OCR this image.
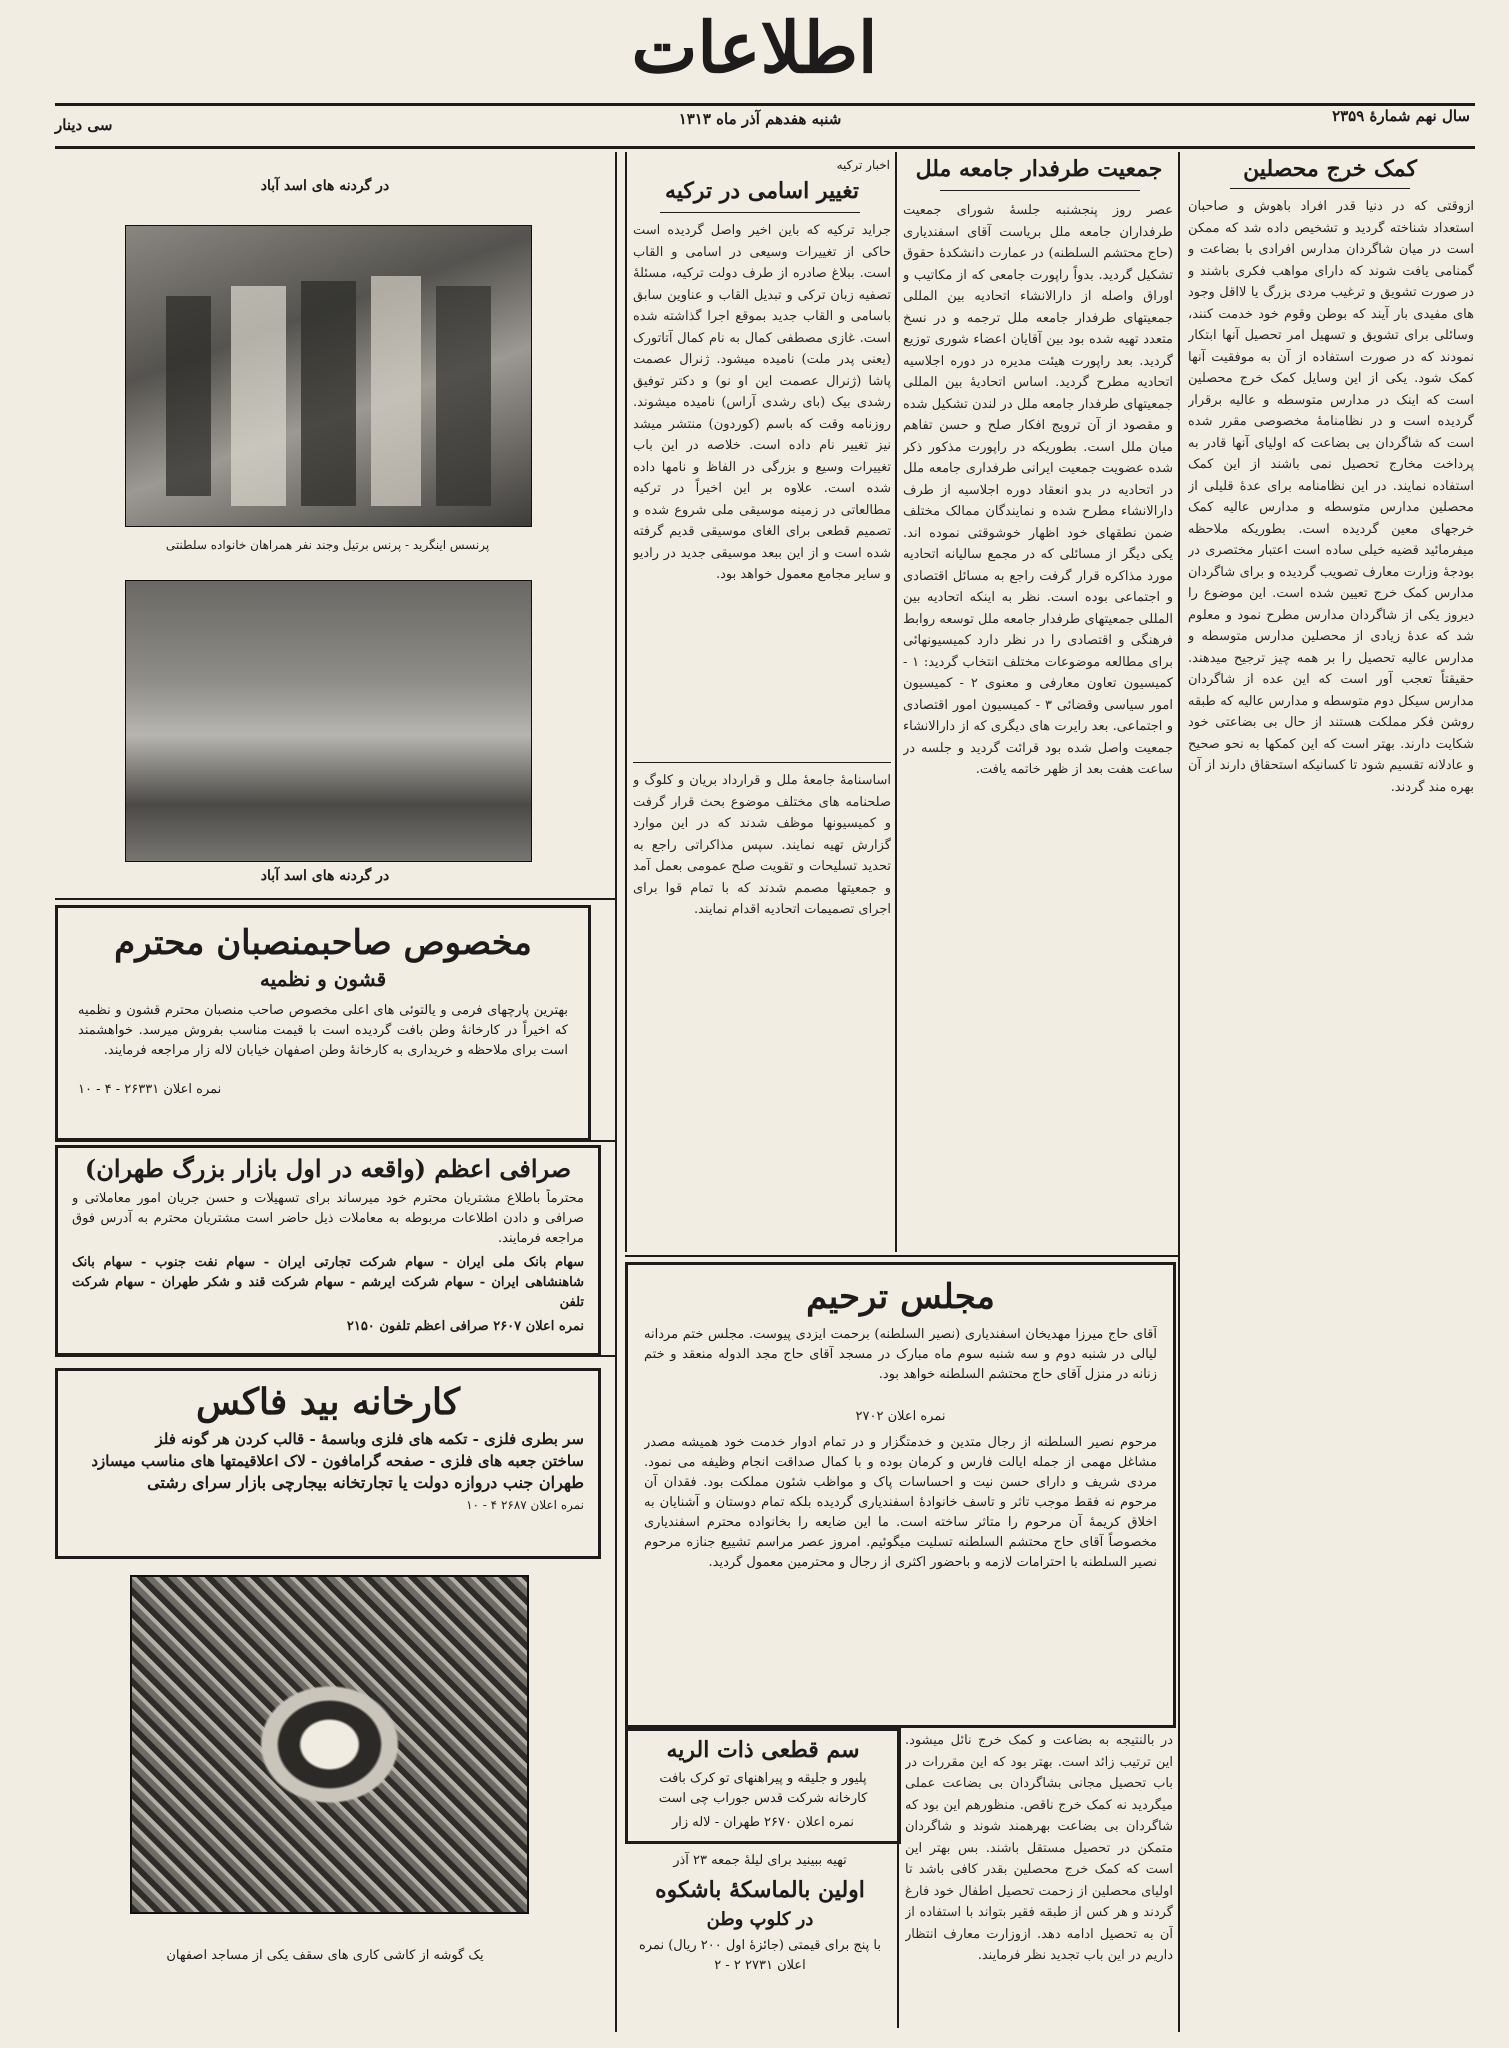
اطلاعات
سال نهم شمارهٔ ۲۳۵۹
شنبه هفدهم آذر ماه ۱۳۱۳
سی دینار
کمک خرج محصلین
ازوقتی که در دنیا قدر افراد باهوش و صاحبان استعداد شناخته گردید و تشخیص داده شد که ممکن است در میان شاگردان مدارس افرادی با بضاعت و گمنامی یافت شوند که دارای مواهب فکری باشند و در صورت تشویق و ترغیب مردی بزرگ یا لااقل وجود های مفیدی بار آیند که بوطن وقوم خود خدمت کنند، وسائلی برای تشویق و تسهیل امر تحصیل آنها ابتکار نمودند که در صورت استفاده از آن به موفقیت آنها کمک شود. یکی از این وسایل کمک خرج محصلین است که اینک در مدارس متوسطه و عالیه برقرار گردیده است و در نظامنامهٔ مخصوصی مقرر شده است که شاگردان بی بضاعت که اولیای آنها قادر به پرداخت مخارج تحصیل نمی باشند از این کمک استفاده نمایند. در این نظامنامه برای عدهٔ قلیلی از محصلین مدارس متوسطه و مدارس عالیه کمک خرجهای معین گردیده است. بطوریکه ملاحظه میفرمائید قضیه خیلی ساده است اعتبار مختصری در بودجهٔ وزارت معارف تصویب گردیده و برای شاگردان مدارس کمک خرج تعیین شده است. این موضوع را دیروز یکی از شاگردان مدارس مطرح نمود و معلوم شد که عدهٔ زیادی از محصلین مدارس متوسطه و مدارس عالیه تحصیل را بر همه چیز ترجیح میدهند. حقیقتاً تعجب آور است که این عده از شاگردان مدارس سیکل دوم متوسطه و مدارس عالیه که طبقه روشن فکر مملکت هستند از حال بی بضاعتی خود شکایت دارند. بهتر است که این کمکها به نحو صحیح و عادلانه تقسیم شود تا کسانیکه استحقاق دارند از آن بهره مند گردند.
جمعیت طرفدار جامعه ملل
عصر روز پنجشنبه جلسهٔ شورای جمعیت طرفداران جامعه ملل بریاست آقای اسفندیاری (حاج محتشم السلطنه) در عمارت دانشکدهٔ حقوق تشکیل گردید. بدواً راپورت جامعی که از مکاتیب و اوراق واصله از دارالانشاء اتحادیه بین المللی جمعیتهای طرفدار جامعه ملل ترجمه و در نسخ متعدد تهیه شده بود بین آقایان اعضاء شوری توزیع گردید. بعد راپورت هیئت مدیره در دوره اجلاسیه اتحادیه مطرح گردید. اساس اتحادیهٔ بین المللی جمعیتهای طرفدار جامعه ملل در لندن تشکیل شده و مقصود از آن ترویج افکار صلح و حسن تفاهم میان ملل است. بطوریکه در راپورت مذکور ذکر شده عضویت جمعیت ایرانی طرفداری جامعه ملل در اتحادیه در بدو انعقاد دوره اجلاسیه از طرف دارالانشاء مطرح شده و نمایندگان ممالک مختلف ضمن نطقهای خود اظهار خوشوقتی نموده اند. یکی دیگر از مسائلی که در مجمع سالیانه اتحادیه مورد مذاکره قرار گرفت راجع به مسائل اقتصادی و اجتماعی بوده است. نظر به اینکه اتحادیه بین المللی جمعیتهای طرفدار جامعه ملل توسعه روابط فرهنگی و اقتصادی را در نظر دارد کمیسیونهائی برای مطالعه موضوعات مختلف انتخاب گردید: ۱ - کمیسیون تعاون معارفی و معنوی ۲ - کمیسیون امور سیاسی وقضائی ۳ - کمیسیون امور اقتصادی و اجتماعی. بعد رایرت های دیگری که از دارالانشاء جمعیت واصل شده بود قرائت گردید و جلسه در ساعت هفت بعد از ظهر خاتمه یافت.
اخبار ترکیه
تغییر اسامی در ترکیه
جراید ترکیه که باین اخیر واصل گردیده است حاکی از تغییرات وسیعی در اسامی و القاب است. ببلاغ صادره از طرف دولت ترکیه، مسئلهٔ تصفیه زبان ترکی و تبدیل القاب و عناوین سابق باسامی و القاب جدید بموقع اجرا گذاشته شده است. غازی مصطفی کمال به نام کمال آتاتورک (یعنی پدر ملت) نامیده میشود. ژنرال عصمت پاشا (ژنرال عصمت این او نو) و دکتر توفیق رشدی بیک (بای رشدی آراس) نامیده میشوند. روزنامه وقت که باسم (کوردون) منتشر میشد نیز تغییر نام داده است. خلاصه در این باب تغییرات وسیع و بزرگی در الفاظ و نامها داده شده است. علاوه بر این اخیراً در ترکیه مطالعاتی در زمینه موسیقی ملی شروع شده و تصمیم قطعی برای الغای موسیقی قدیم گرفته شده است و از این ببعد موسیقی جدید در رادیو و سایر مجامع معمول خواهد بود.
اساسنامهٔ جامعهٔ ملل و قرارداد بریان و کلوگ و صلحنامه های مختلف موضوع بحث قرار گرفت و کمیسیونها موظف شدند که در این موارد گزارش تهیه نمایند. سپس مذاکراتی راجع به تحدید تسلیحات و تقویت صلح عمومی بعمل آمد و جمعیتها مصمم شدند که با تمام قوا برای اجرای تصمیمات اتحادیه اقدام نمایند.
در گردنه های اسد آباد
پرنسس اینگرید - پرنس برتیل وجند نفر همراهان خانواده سلطنتی
در گردنه های اسد آباد
مخصوص صاحبمنصبان محترم
قشون و نظمیه
بهترین پارچهای فرمی و یالتوئی های اعلی مخصوص صاحب منصبان محترم قشون و نظمیه که اخیراً در کارخانهٔ وطن بافت گردیده است با قیمت مناسب بفروش میرسد. خواهشمند است برای ملاحظه و خریداری به کارخانهٔ وطن اصفهان خیابان لاله زار مراجعه فرمایند.
نمره اعلان ۲۶۳۳۱ - ۴ - ۱۰
صرافی اعظم (واقعه در اول بازار بزرگ طهران)
محترماً باطلاع مشتریان محترم خود میرساند برای تسهیلات و حسن جریان امور معاملاتی و صرافی و دادن اطلاعات مربوطه به معاملات ذیل حاضر است مشتریان محترم به آدرس فوق مراجعه فرمایند.
سهام بانک ملی ایران - سهام شرکت تجارتی ایران - سهام نفت جنوب - سهام بانک شاهنشاهی ایران - سهام شرکت ایرشم - سهام شرکت قند و شکر طهران - سهام شرکت تلفن
نمره اعلان ۲۶۰۷ صرافی اعظم تلفون ۲۱۵۰
کارخانه بید فاکس
سر بطری فلزی - تکمه های فلزی وباسمهٔ - قالب کردن هر گونه فلز
ساختن جعبه های فلزی - صفحه گرامافون - لاک اعلاقیمتها های مناسب میسازد
طهران جنب دروازه دولت یا تجارتخانه بیجارچی بازار سرای رشتی
نمره اعلان ۲۶۸۷ ۴ - ۱۰
یک گوشه از کاشی کاری های سقف یکی از مساجد اصفهان
مجلس ترحیم
آقای حاج میرزا مهدیخان اسفندیاری (نصیر السلطنه) برحمت ایزدی پیوست. مجلس ختم مردانه لیالی در شنبه دوم و سه شنبه سوم ماه مبارک در مسجد آقای حاج مجد الدوله منعقد و ختم زنانه در منزل آقای حاج محتشم السلطنه خواهد بود.
نمره اعلان ۲۷۰۲
مرحوم نصیر السلطنه از رجال متدین و خدمتگزار و در تمام ادوار خدمت خود همیشه مصدر مشاغل مهمی از جمله ایالت فارس و کرمان بوده و با کمال صداقت انجام وظیفه می نمود. مردی شریف و دارای حسن نیت و احساسات پاک و مواظب شئون مملکت بود. فقدان آن مرحوم نه فقط موجب تاثر و تاسف خانوادهٔ اسفندیاری گردیده بلکه تمام دوستان و آشنایان به اخلاق کریمهٔ آن مرحوم را متاثر ساخته است. ما این ضایعه را بخانواده محترم اسفندیاری مخصوصاً آقای حاج محتشم السلطنه تسلیت میگوئیم. امروز عصر مراسم تشییع جنازه مرحوم نصیر السلطنه با احترامات لازمه و باحضور اکثری از رجال و محترمین معمول گردید.
سم قطعی ذات الریه
پلیور و جلیقه و پیراهنهای تو کرک بافت کارخانه شرکت قدس جوراب چی است
نمره اعلان ۲۶۷۰ طهران - لاله زار
تهیه ببینید برای لیلهٔ جمعه ۲۳ آذر
اولین بالماسکهٔ باشکوه
در کلوپ وطن
با پنج برای قیمتی (جائزهٔ اول ۲۰۰ ریال) نمره اعلان ۲۷۳۱ ۲ - ۲
در بالنتیجه به بضاعت و کمک خرج نائل میشود. این ترتیب زائد است. بهتر بود که این مقررات در باب تحصیل مجانی بشاگردان بی بضاعت عملی میگردید نه کمک خرج ناقص. منظورهم این بود که شاگردان بی بضاعت بهرهمند شوند و شاگردان متمکن در تحصیل مستقل باشند. بس بهتر این است که کمک خرج محصلین بقدر کافی باشد تا اولیای محصلین از زحمت تحصیل اطفال خود فارغ گردند و هر کس از طبقه فقیر بتواند با استفاده از آن به تحصیل ادامه دهد. ازوزارت معارف انتظار داریم در این باب تجدید نظر فرمایند.
